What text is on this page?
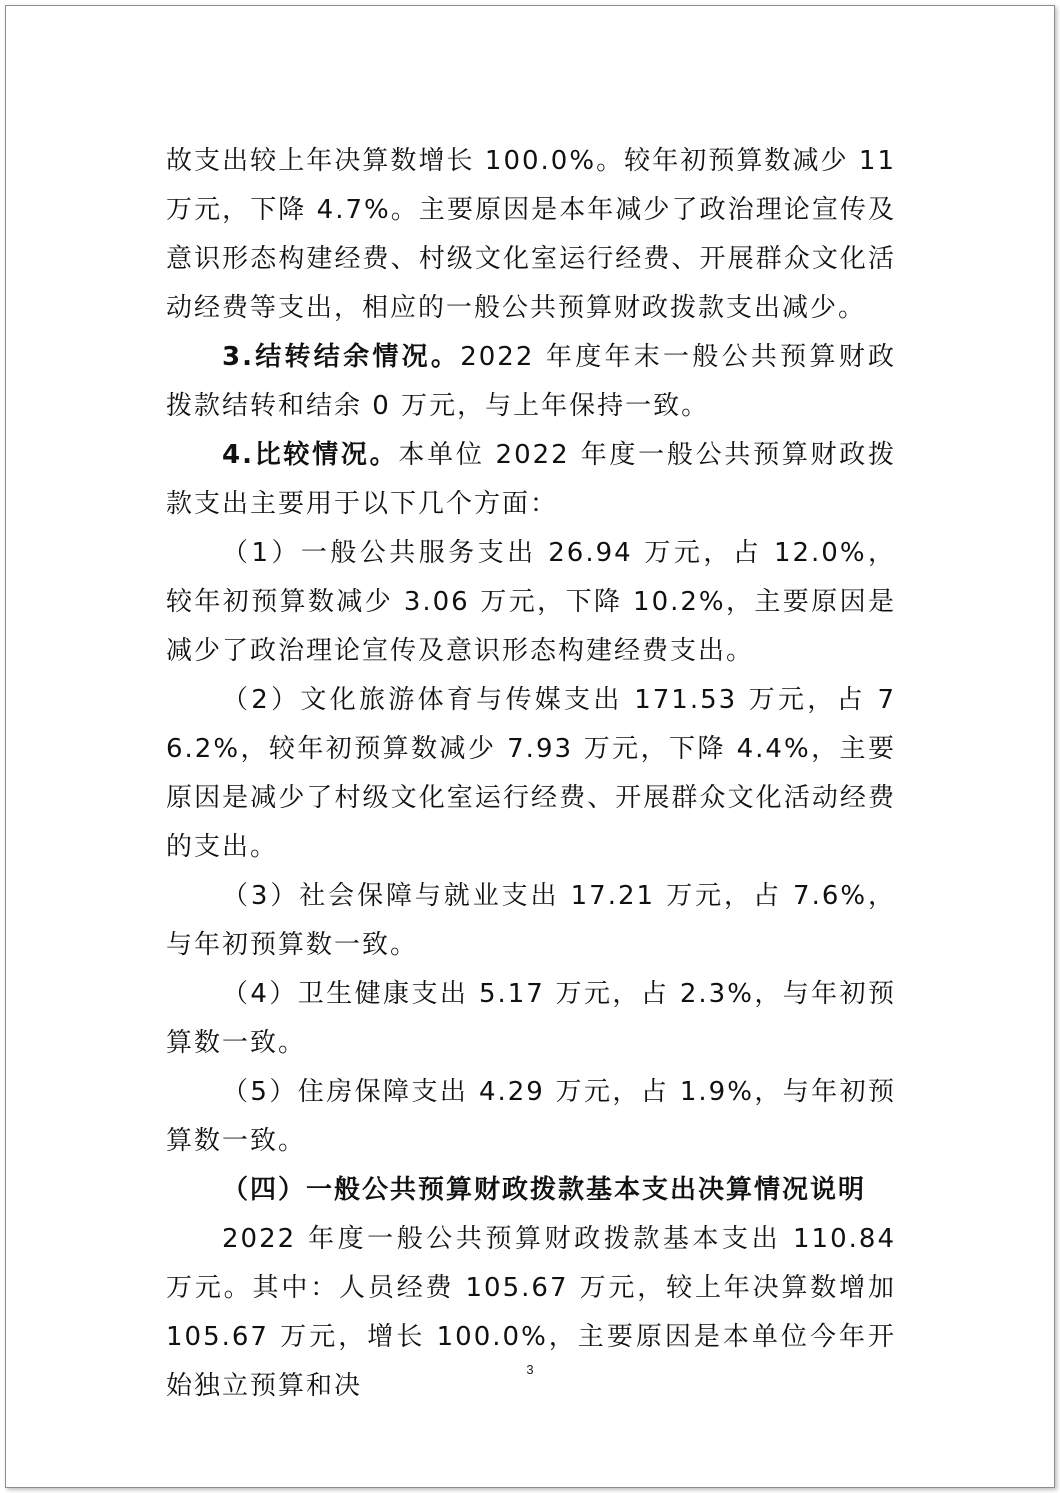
故支出较上年决算数增长 100.0%。较年初预算数减少 11 万元，下降 4.7%。主要原因是本年减少了政治理论宣传及意识形态构建经费、村级文化室运行经费、开展群众文化活动经费等支出，相应的一般公共预算财政拨款支出减少。

3.结转结余情况。2022 年度年末一般公共预算财政拨款结转和结余 0 万元，与上年保持一致。

4.比较情况。本单位 2022 年度一般公共预算财政拨款支出主要用于以下几个方面：

（1）一般公共服务支出 26.94 万元，占 12.0%，较年初预算数减少 3.06 万元，下降 10.2%，主要原因是减少了政治理论宣传及意识形态构建经费支出。

（2）文化旅游体育与传媒支出 171.53 万元，占 76.2%，较年初预算数减少 7.93 万元，下降 4.4%，主要原因是减少了村级文化室运行经费、开展群众文化活动经费的支出。

（3）社会保障与就业支出 17.21 万元，占 7.6%，与年初预算数一致。

（4）卫生健康支出 5.17 万元，占 2.3%，与年初预算数一致。

（5）住房保障支出 4.29 万元，占 1.9%，与年初预算数一致。

（四）一般公共预算财政拨款基本支出决算情况说明

2022 年度一般公共预算财政拨款基本支出 110.84 万元。其中：人员经费 105.67 万元，较上年决算数增加 105.67 万元，增长 100.0%，主要原因是本单位今年开始独立预算和决

3
